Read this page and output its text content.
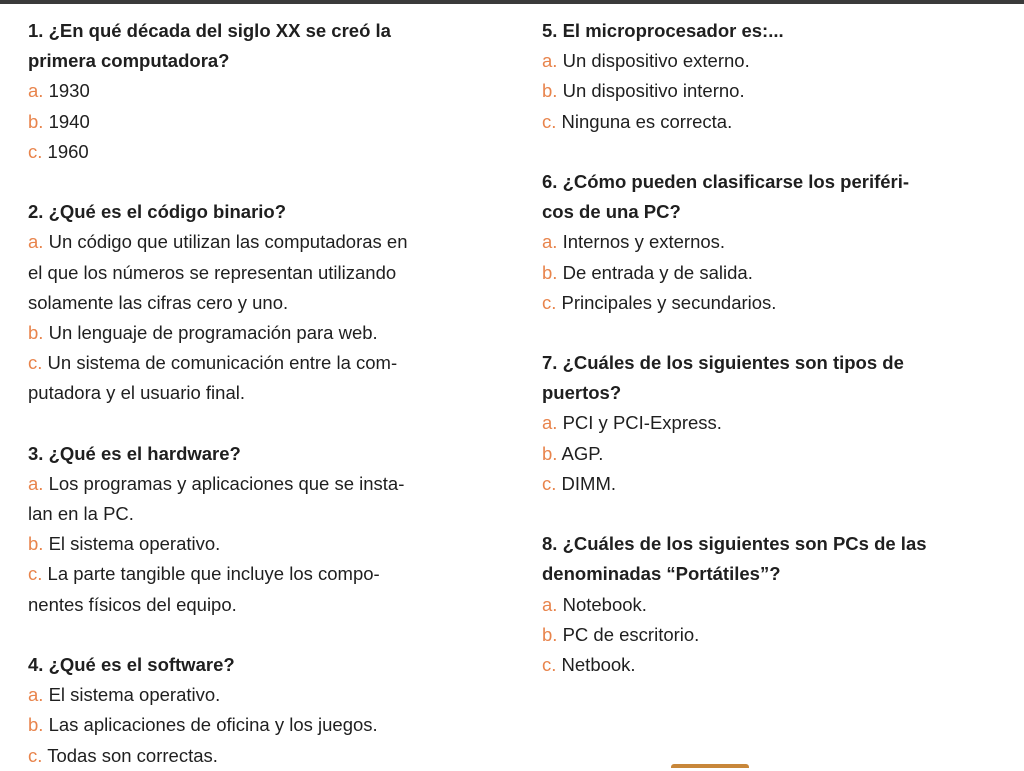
1. ¿En qué década del siglo XX se creó la
primera computadora?
a . 1930
b . 1940
c . 1960
2. ¿Qué es el código binario?
a . Un código que utilizan las computadoras en
el que los números se representan utilizando
solamente las cifras cero y uno.
b . Un lenguaje de programación para web.
c . Un sistema de comunicación entre la com-
putadora y el usuario final.
3. ¿Qué es el hardware?
a . Los programas y aplicaciones que se insta-
lan en la PC.
b . El sistema operativo.
c . La parte tangible que incluye los compo-
nentes físicos del equipo.
4. ¿Qué es el software?
a . El sistema operativo.
b . Las aplicaciones de oficina y los juegos.
c . Todas son correctas.
5. El microprocesador es:...
a . Un dispositivo externo.
b . Un dispositivo interno.
c . Ninguna es correcta.
6. ¿Cómo pueden clasificarse los periféri-
cos de una PC?
a . Internos y externos.
b . De entrada y de salida.
c . Principales y secundarios.
7. ¿Cuáles de los siguientes son tipos de
puertos?
a . PCI y PCI-Express.
b . AGP.
c . DIMM.
8. ¿Cuáles de los siguientes son PCs de las
denominadas “Portátiles”?
a . Notebook.
b . PC de escritorio.
c . Netbook.
